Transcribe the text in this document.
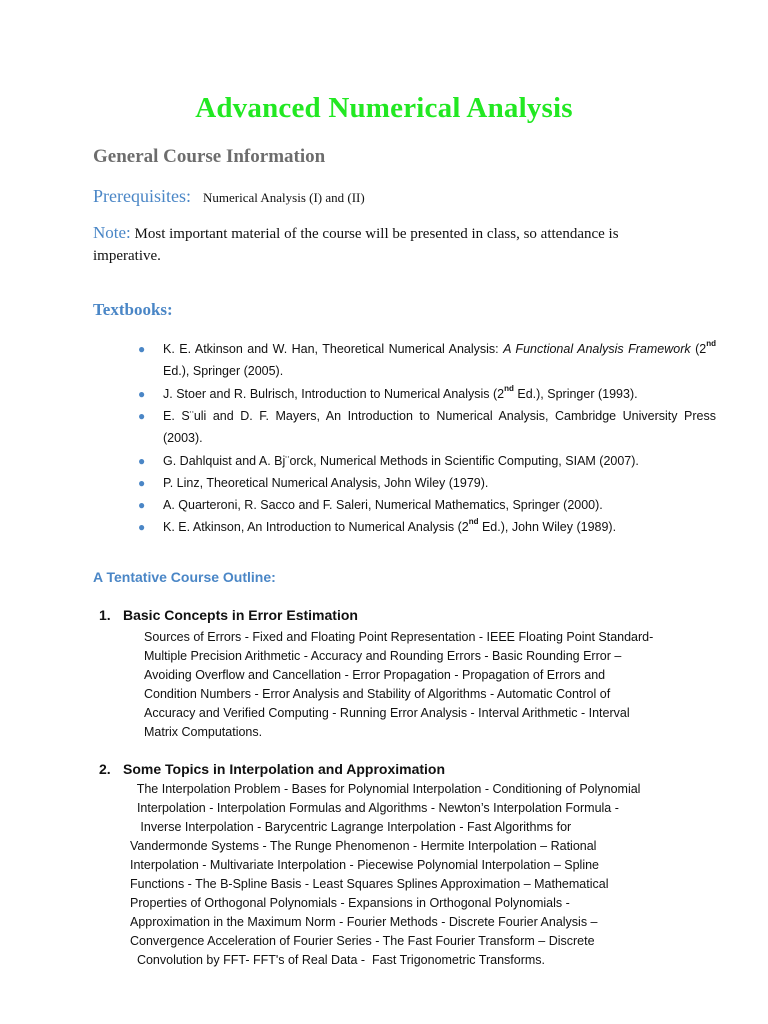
Advanced Numerical Analysis
General Course Information
Prerequisites: Numerical Analysis (I) and (II)
Note: Most important material of the course will be presented in class, so attendance is imperative.
Textbooks:
● K. E. Atkinson and W. Han, Theoretical Numerical Analysis: A Functional Analysis Framework (2nd Ed.), Springer (2005).
● J. Stoer and R. Bulrisch, Introduction to Numerical Analysis (2nd Ed.), Springer (1993).
● E. S¨uli and D. F. Mayers, An Introduction to Numerical Analysis, Cambridge University Press (2003).
● G. Dahlquist and A. Bj¨orck, Numerical Methods in Scientific Computing, SIAM (2007).
● P. Linz, Theoretical Numerical Analysis, John Wiley (1979).
● A. Quarteroni, R. Sacco and F. Saleri, Numerical Mathematics, Springer (2000).
● K. E. Atkinson, An Introduction to Numerical Analysis (2nd Ed.), John Wiley (1989).
A Tentative Course Outline:
1. Basic Concepts in Error Estimation
Sources of Errors - Fixed and Floating Point Representation - IEEE Floating Point Standard-
Multiple Precision Arithmetic - Accuracy and Rounding Errors - Basic Rounding Error –
Avoiding Overflow and Cancellation - Error Propagation - Propagation of Errors and
Condition Numbers - Error Analysis and Stability of Algorithms - Automatic Control of
Accuracy and Verified Computing - Running Error Analysis - Interval Arithmetic - Interval
Matrix Computations.
2. Some Topics in Interpolation and Approximation
The Interpolation Problem - Bases for Polynomial Interpolation - Conditioning of Polynomial
Interpolation - Interpolation Formulas and Algorithms - Newton’s Interpolation Formula -
Inverse Interpolation - Barycentric Lagrange Interpolation - Fast Algorithms for
Vandermonde Systems - The Runge Phenomenon - Hermite Interpolation – Rational
Interpolation - Multivariate Interpolation - Piecewise Polynomial Interpolation – Spline
Functions - The B-Spline Basis - Least Squares Splines Approximation – Mathematical
Properties of Orthogonal Polynomials - Expansions in Orthogonal Polynomials -
Approximation in the Maximum Norm - Fourier Methods - Discrete Fourier Analysis –
Convergence Acceleration of Fourier Series - The Fast Fourier Transform – Discrete
Convolution by FFT- FFT's of Real Data -  Fast Trigonometric Transforms.
